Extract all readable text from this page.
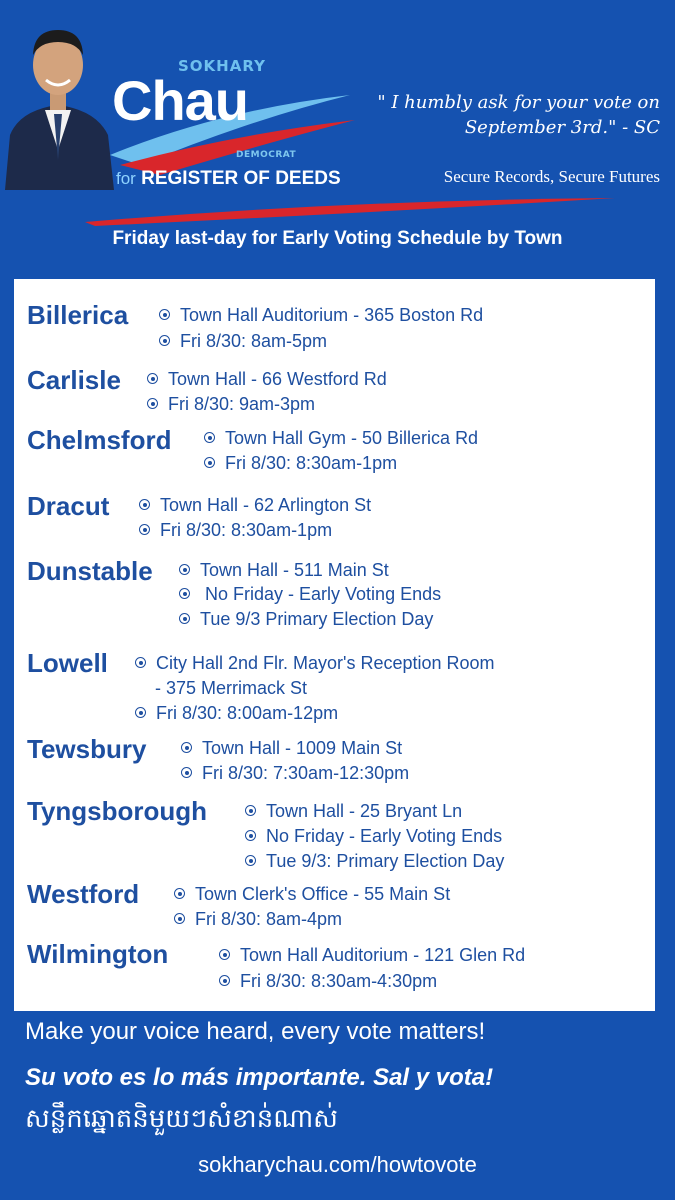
SOKHARY
Chau
DEMOCRAT
for REGISTER OF DEEDS
" I humbly ask for your vote on September 3rd." - SC
Secure Records, Secure Futures
Friday last-day for Early Voting Schedule by Town
Billerica	Town Hall Auditorium - 365 Boston Rd
Fri 8/30: 8am-5pm
Carlisle	Town Hall - 66 Westford Rd
Fri 8/30: 9am-3pm
Chelmsford	Town Hall Gym - 50 Billerica Rd
Fri 8/30: 8:30am-1pm
Dracut	Town Hall - 62 Arlington St
Fri 8/30: 8:30am-1pm
Dunstable	Town Hall - 511 Main St
No Friday - Early Voting Ends
Tue 9/3 Primary Election Day
Lowell	City Hall 2nd Flr. Mayor's Reception Room
- 375 Merrimack St
Fri 8/30: 8:00am-12pm
Tewsbury	Town Hall - 1009 Main St
Fri 8/30: 7:30am-12:30pm
Tyngsborough	Town Hall - 25 Bryant Ln
No Friday - Early Voting Ends
Tue 9/3: Primary Election Day
Westford	Town Clerk's Office - 55 Main St
Fri 8/30: 8am-4pm
Wilmington	Town Hall Auditorium - 121 Glen Rd
Fri 8/30: 8:30am-4:30pm
Make your voice heard, every vote matters!
Su voto es lo más importante. Sal y vota!
សន្លឹកឆ្នោតនិមួយៗសំខាន់ណាស់
sokharychau.com/howtovote
